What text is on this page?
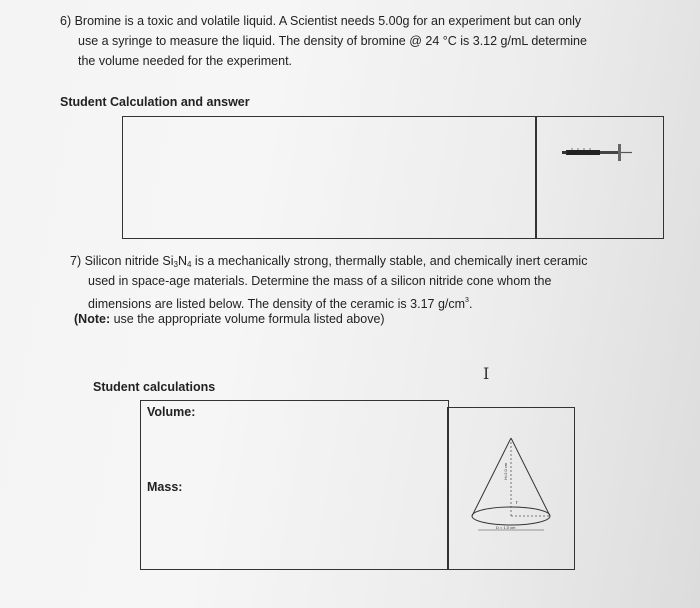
6) Bromine is a toxic and volatile liquid. A Scientist needs 5.00g for an experiment but can only
use a syringe to measure the liquid. The density of bromine @ 24 °C is 3.12 g/mL determine
the volume needed for the experiment.
Student Calculation and answer
7) Silicon nitride $Si_3N_4$ is a mechanically strong, thermally stable, and chemically inert ceramic
used in space-age materials. Determine the mass of a silicon nitride cone whom the
dimensions are listed below. The density of the ceramic is 3.17 $g/cm^3$.
(Note: use the appropriate volume formula listed above)
I
Student calculations
Volume:
Mass:
H=2.0 cm
r
D = 1.0 cm
